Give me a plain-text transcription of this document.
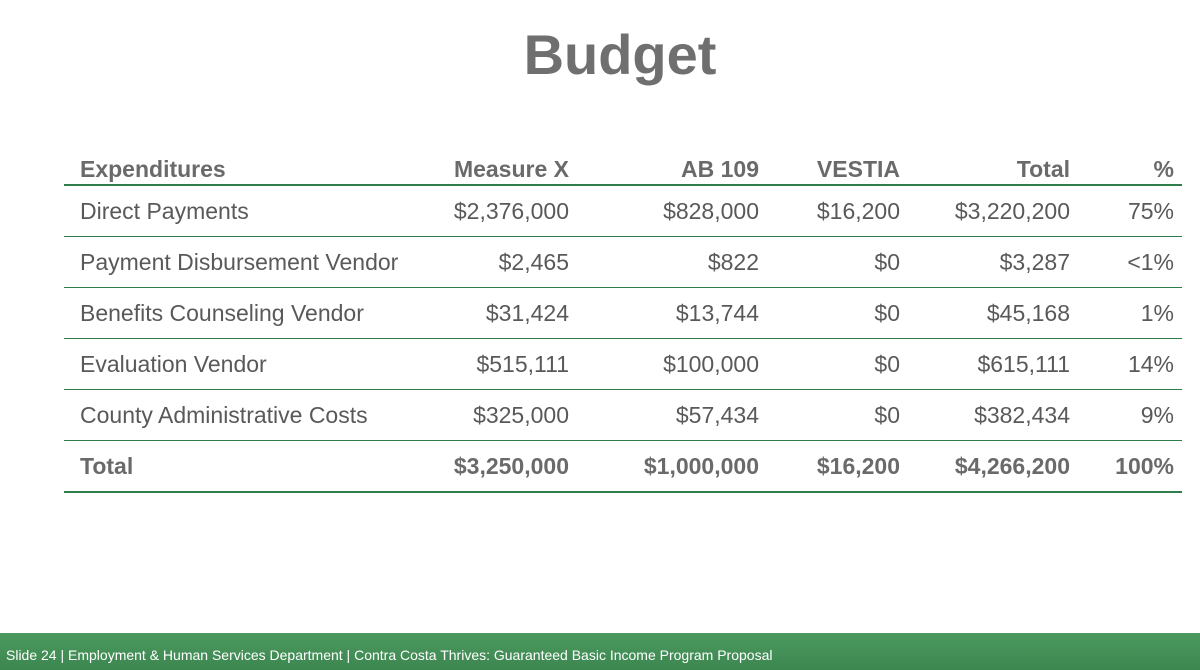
Budget
Expenditures	Measure X	AB 109	VESTIA	Total	%
Direct Payments	$2,376,000	$828,000	$16,200	$3,220,200	75%
Payment Disbursement Vendor	$2,465	$822	$0	$3,287	<1%
Benefits Counseling Vendor	$31,424	$13,744	$0	$45,168	1%
Evaluation Vendor	$515,111	$100,000	$0	$615,111	14%
County Administrative Costs	$325,000	$57,434	$0	$382,434	9%
Total	$3,250,000	$1,000,000	$16,200	$4,266,200	100%
Slide 24 | Employment & Human Services Department | Contra Costa Thrives: Guaranteed Basic Income Program Proposal
